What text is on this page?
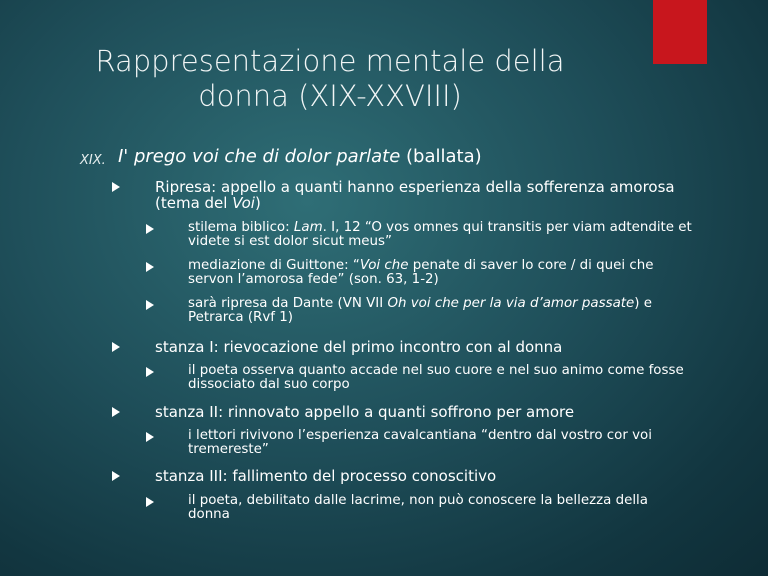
Rappresentazione mentale della
donna (XIX-XXVIII)
XIX. I' prego voi che di dolor parlate (ballata)
Ripresa: appello a quanti hanno esperienza della sofferenza amorosa
(tema del Voi)
stilema biblico: Lam. I, 12 “O vos omnes qui transitis per viam adtendite et
videte si est dolor sicut meus”
mediazione di Guittone: “Voi che penate di saver lo core / di quei che
servon l’amorosa fede” (son. 63, 1-2)
sarà ripresa da Dante (VN VII Oh voi che per la via d’amor passate) e
Petrarca (Rvf 1)
stanza I: rievocazione del primo incontro con al donna
il poeta osserva quanto accade nel suo cuore e nel suo animo come fosse
dissociato dal suo corpo
stanza II: rinnovato appello a quanti soffrono per amore
i lettori rivivono l’esperienza cavalcantiana “dentro dal vostro cor voi
tremereste”
stanza III: fallimento del processo conoscitivo
il poeta, debilitato dalle lacrime, non può conoscere la bellezza della
donna
